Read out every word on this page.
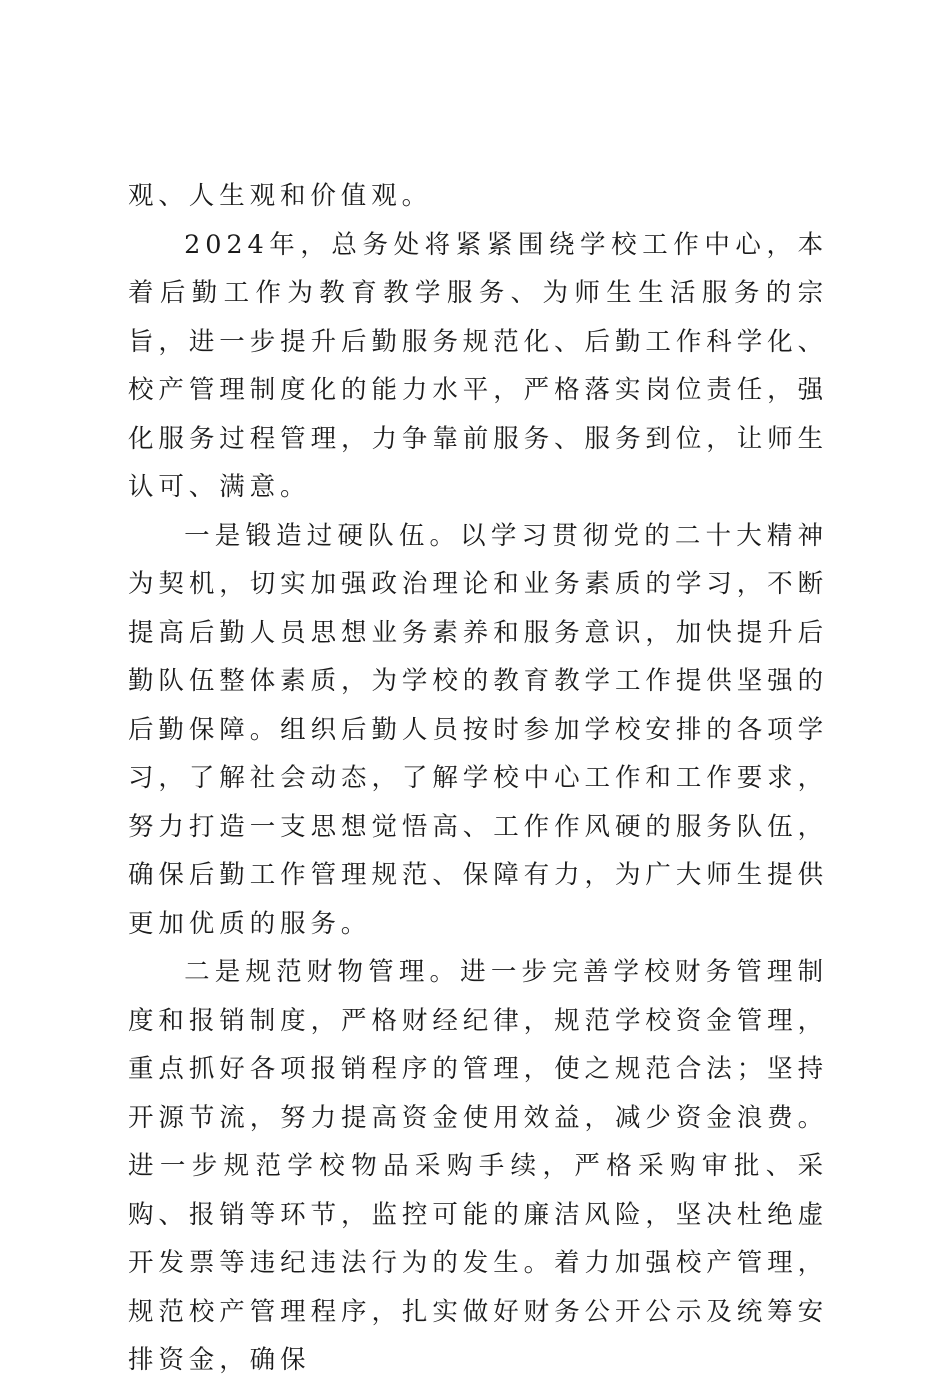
观、人生观和价值观。

2024年，总务处将紧紧围绕学校工作中心，本着后勤工作为教育教学服务、为师生生活服务的宗旨，进一步提升后勤服务规范化、后勤工作科学化、校产管理制度化的能力水平，严格落实岗位责任，强化服务过程管理，力争靠前服务、服务到位，让师生认可、满意。

一是锻造过硬队伍。以学习贯彻党的二十大精神为契机，切实加强政治理论和业务素质的学习，不断提高后勤人员思想业务素养和服务意识，加快提升后勤队伍整体素质，为学校的教育教学工作提供坚强的后勤保障。组织后勤人员按时参加学校安排的各项学习，了解社会动态，了解学校中心工作和工作要求，努力打造一支思想觉悟高、工作作风硬的服务队伍，确保后勤工作管理规范、保障有力，为广大师生提供更加优质的服务。

二是规范财物管理。进一步完善学校财务管理制度和报销制度，严格财经纪律，规范学校资金管理，重点抓好各项报销程序的管理，使之规范合法；坚持开源节流，努力提高资金使用效益，减少资金浪费。进一步规范学校物品采购手续，严格采购审批、采购、报销等环节，监控可能的廉洁风险，坚决杜绝虚开发票等违纪违法行为的发生。着力加强校产管理，规范校产管理程序，扎实做好财务公开公示及统筹安排资金，确保
